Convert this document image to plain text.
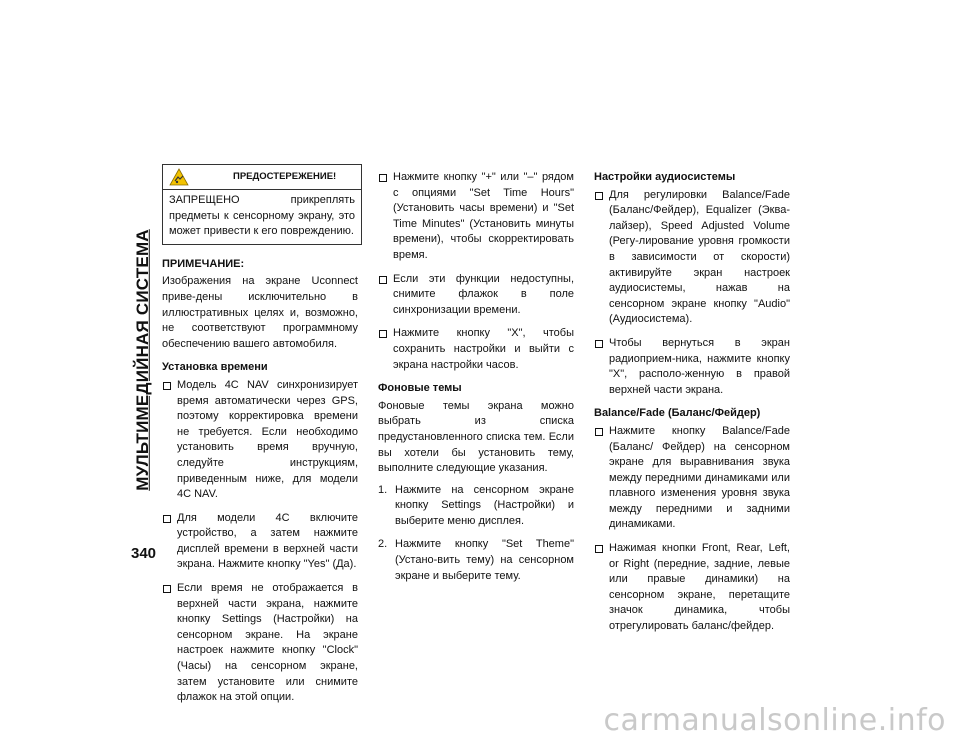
МУЛЬТИМЕДИЙНАЯ СИСТЕМА
340
ПРЕДОСТЕРЕЖЕНИЕ!
ЗАПРЕЩЕНО прикреплять предметы к сенсорному экрану, это может привести к его повреждению.
ПРИМЕЧАНИЕ:

Изображения на экране Uconnect приве-дены исключительно в иллюстративных целях и, возможно, не соответствуют программному обеспечению вашего автомобиля.

Установка времени
Модель 4C NAV синхронизирует время автоматически через GPS, поэтому корректировка времени не требуется. Если необходимо установить время вручную, следуйте инструкциям, приведенным ниже, для модели 4C NAV.
Для модели 4C включите устройство, а затем нажмите дисплей времени в верхней части экрана. Нажмите кнопку "Yes" (Да).
Если время не отображается в верхней части экрана, нажмите кнопку Settings (Настройки) на сенсорном экране. На экране настроек нажмите кнопку "Clock" (Часы) на сенсорном экране, затем установите или снимите флажок на этой опции.
Нажмите кнопку "+" или "–" рядом с опциями "Set Time Hours" (Установить часы времени) и "Set Time Minutes" (Установить минуты времени), чтобы скорректировать время.
Если эти функции недоступны, снимите флажок в поле синхронизации времени.
Нажмите кнопку "X", чтобы сохранить настройки и выйти с экрана настройки часов.
Фоновые темы

Фоновые темы экрана можно выбрать из списка предустановленного списка тем. Если вы хотели бы установить тему, выполните следующие указания.

1. Нажмите на сенсорном экране кнопку Settings (Настройки) и выберите меню дисплея.
2. Нажмите кнопку "Set Theme" (Устано-вить тему) на сенсорном экране и выберите тему.
Настройки аудиосистемы
Для регулировки Balance/Fade (Баланс/Фейдер), Equalizer (Эква-лайзер), Speed Adjusted Volume (Регу-лирование уровня громкости в зависимости от скорости) активируйте экран настроек аудиосистемы, нажав на сенсорном экране кнопку "Audio" (Аудиосистема).
Чтобы вернуться в экран радиоприем-ника, нажмите кнопку "X", располо-женную в правой верхней части экрана.
Balance/Fade (Баланс/Фейдер)
Нажмите кнопку Balance/Fade (Баланс/ Фейдер) на сенсорном экране для выравнивания звука между передними динамиками или плавного изменения уровня звука между передними и задними динамиками.
Нажимая кнопки Front, Rear, Left, or Right (передние, задние, левые или правые динамики) на сенсорном экране, перетащите значок динамика, чтобы отрегулировать баланс/фейдер.
carmanualsonline.info
